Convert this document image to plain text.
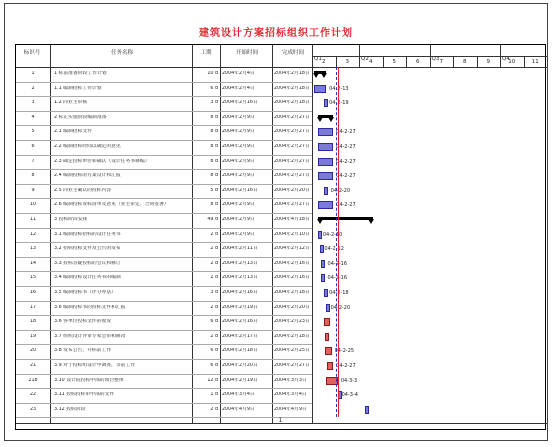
建筑设计方案招标组织工作计划
标识号	任务名称	工期	开始时间	完成时间
Q1	Q2	Q3	Q4
2	3	4	5	6	7	8	9	10	11
1	1 标前准备阶段工作计划	10 d 2004年2月4日	2004年2月18日
2	1.1 编制招标工作计划	6 d 2004年2月4日	2004年2月18日
3	1.2 同业主审核	3 d 2004年2月16日	2004年2月18日
4	2 标正实施阶段编制准备	8 d 2004年2月9日	2004年2月27日
5	2.1 编制招标文件	8 d 2004年2月9日	2004年2月27日
6	2.2 编制招标时间以确定的意见	8 d 2004年2月9日	2004年2月27日
7	2.3 确定投标单位和确认（设计任务书修编）	8 d 2004年2月9日	2004年2月27日
8	2.4 编制投标的方案设计和汇报	8 d 2004年2月9日	2004年2月27日
9	2.5 同业主确认的投标内容	5 d 2004年2月16日	2004年2月20日
10	2.6 编制投标发标清单及意见（业主审定、合同签署）	8 d 2004年2月9日	2004年2月27日
11	3 投标阶段安排	49 d 2004年2月9日	2004年4月18日
12	3.1 编制投标招标的设计任务书	2 d 2004年2月9日	2004年2月10日
13	3.2 招标投标文件及公告的发布	2 d 2004年2月11日	2004年2月12日
14	3.3 投标答疑投标的会议和修订	2 d 2004年2月13日	2004年2月16日
15	3.4 编制投标设计任务书的编制	2 d 2004年2月13日	2004年2月16日
16	3.5 编制投标书（评分办法）	3 d 2004年2月16日	2004年2月18日
17	3.6 编制投标书的投标文件和汇报	2 d 2004年2月19日	2004年2月20日
18	3.6 各单位投标文件的收发	6 d 2004年2月16日	2004年2月23日
19	3.7 组织设计评审专家会审和修改	2 d 2004年2月17日	2004年2月18日
20	3.8 发布公告，开标前工作	6 d 2004年2月18日	2004年2月25日
21	3.9 对于投标组设计中调查，等前工作	6 d 2004年2月20日	2004年2月27日
21b	3.10 设计院投标中部的项目整体	12 d 2004年2月19日	2004年3月3日
22	3.11 投标投标审中部的文件	1 d 2004年3月4日	2004年3月4日
23	3.12 投标阶段	2 d 2004年4月9日	2004年4月9日
04-2-13
04-2-19
04-2-27
04-2-27
04-2-27
04-2-27
04-2-20
04-2-27
04-2-10
04-2-12
04-2-16
04-2-16
04-2-18
04-2-20
04-2-25
04-2-27
04-3-3
04-3-4
1
